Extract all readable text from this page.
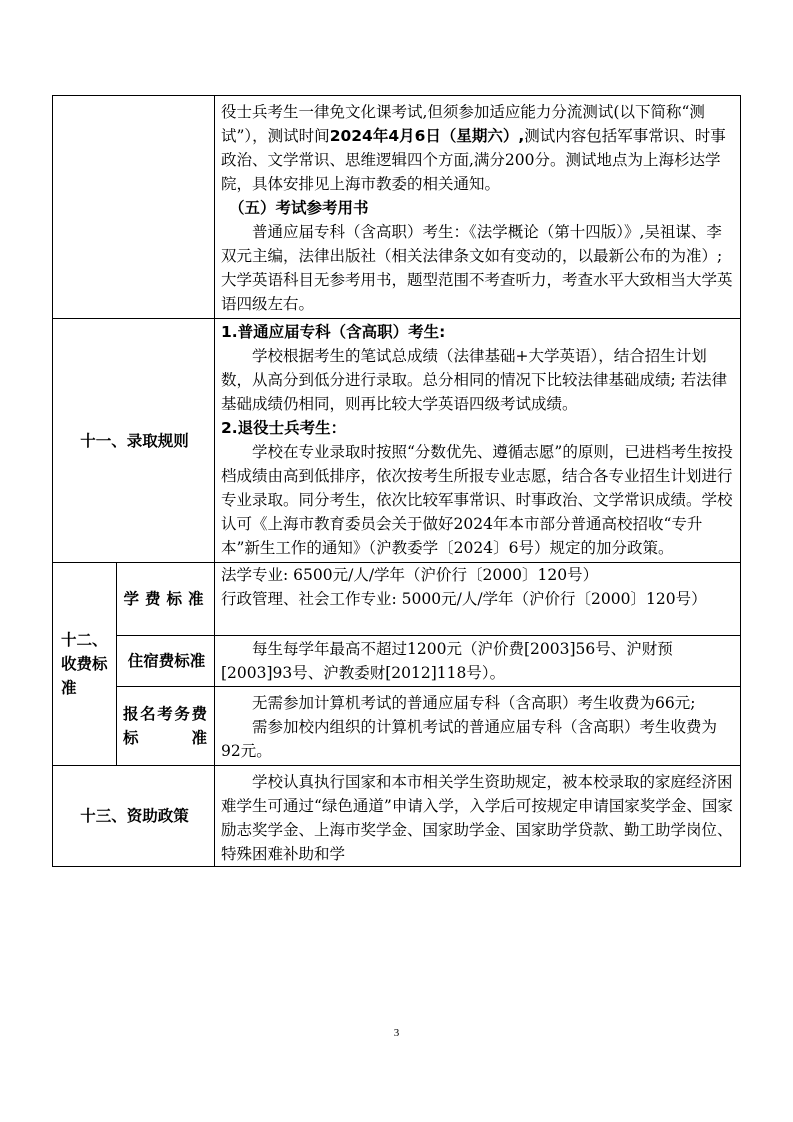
		役士兵考生一律免文化课考试,但须参加适应能力分流测试(以下简称“测试”），测试时间2024年4月6日（星期六）,测试内容包括军事常识、时事政治、文学常识、思维逻辑四个方面,满分200分。测试地点为上海杉达学院，具体安排见上海市教委的相关通知。

（五）考试参考用书

普通应届专科（含高职）考生：《法学概论（第十四版）》,吴祖谋、李双元主编，法律出版社（相关法律条文如有变动的，以最新公布的为准）; 大学英语科目无参考用书，题型范围不考查听力，考查水平大致相当大学英语四级左右。

十一、录取规则		1.普通应届专科（含高职）考生:

学校根据考生的笔试总成绩（法律基础+大学英语），结合招生计划数，从高分到低分进行录取。总分相同的情况下比较法律基础成绩; 若法律基础成绩仍相同，则再比较大学英语四级考试成绩。

2.退役士兵考生：

学校在专业录取时按照“分数优先、遵循志愿”的原则，已进档考生按投档成绩由高到低排序，依次按考生所报专业志愿，结合各专业招生计划进行专业录取。同分考生，依次比较军事常识、时事政治、文学常识成绩。学校认可《上海市教育委员会关于做好2024年本市部分普通高校招收“专升本”新生工作的通知》（沪教委学〔2024〕6号）规定的加分政策。

十二、收费标准	学费标准	法学专业: 6500元/人/学年（沪价行〔2000〕120号）

行政管理、社会工作专业: 5000元/人/学年（沪价行〔2000〕120号）

	住宿费标准	每生每学年最高不超过1200元（沪价费[2003]56号、沪财预[2003]93号、沪教委财[2012]118号）。

	报名考务费标准	无需参加计算机考试的普通应届专科（含高职）考生收费为66元;

需参加校内组织的计算机考试的普通应届专科（含高职）考生收费为92元。

十三、资助政策		学校认真执行国家和本市相关学生资助规定，被本校录取的家庭经济困难学生可通过“绿色通道”申请入学，入学后可按规定申请国家奖学金、国家励志奖学金、上海市奖学金、国家助学金、国家助学贷款、勤工助学岗位、特殊困难补助和学

3
